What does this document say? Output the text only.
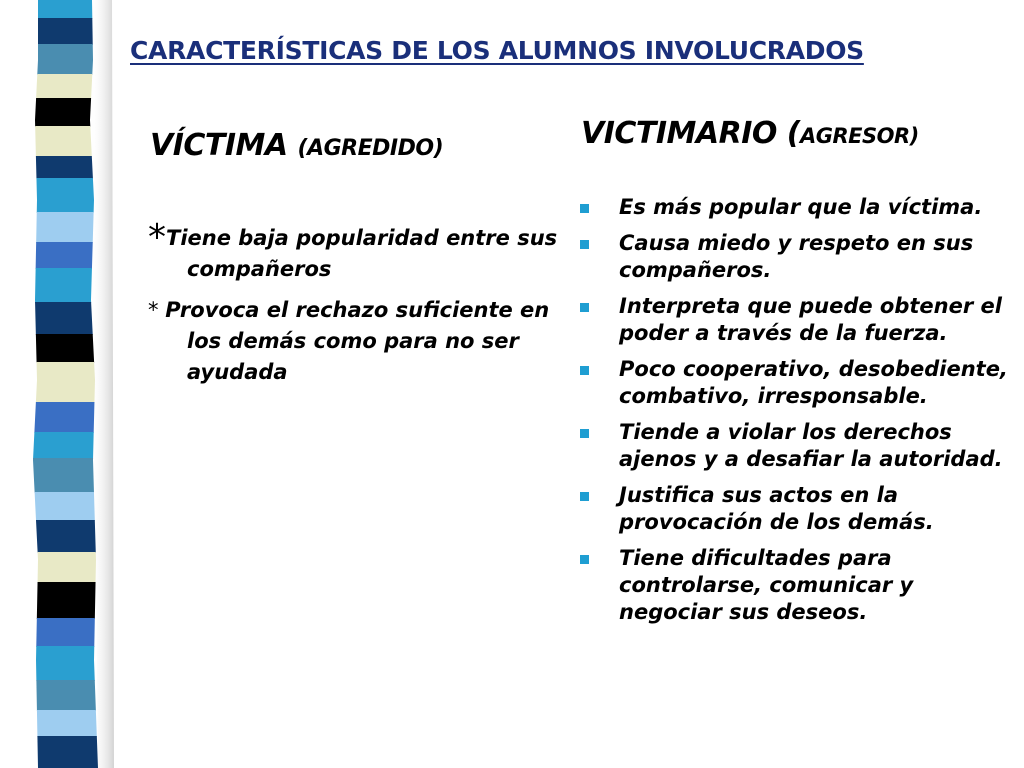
CARACTERÍSTICAS DE LOS ALUMNOS INVOLUCRADOS
VÍCTIMA (AGREDIDO)

*Tiene baja popularidad entre sus compañeros

* Provoca el rechazo suficiente en los demás como para no ser ayudada

VICTIMARIO (AGRESOR)
Es más popular que la víctima.
Causa miedo y respeto en sus compañeros.
Interpreta que puede obtener el poder a través de la fuerza.
Poco cooperativo, desobediente, combativo, irresponsable.
Tiende a violar los derechos ajenos y a desafiar la autoridad.
Justifica sus actos en la provocación de los demás.
Tiene dificultades para controlarse, comunicar y negociar sus deseos.
